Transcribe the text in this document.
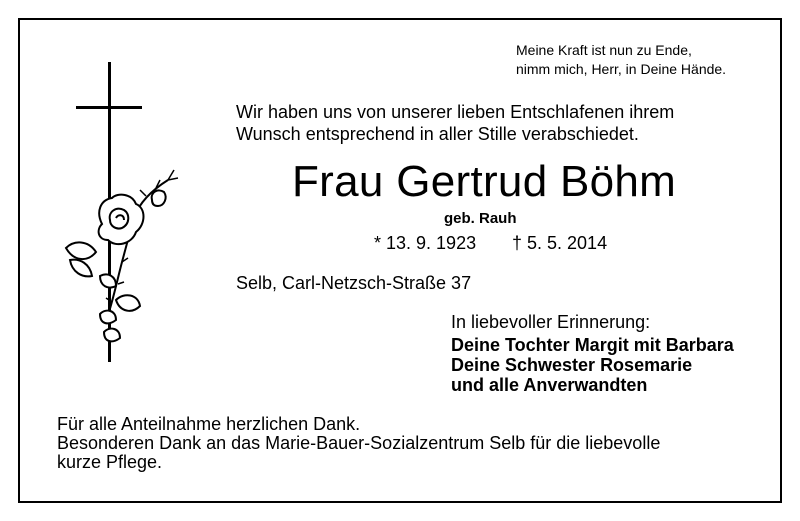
Meine Kraft ist nun zu Ende,
nimm mich, Herr, in Deine Hände.
Wir haben uns von unserer lieben Entschlafenen ihrem
Wunsch entsprechend in aller Stille verabschiedet.
Frau Gertrud Böhm
geb. Rauh
* 13. 9. 1923 † 5. 5. 2014
Selb, Carl-Netzsch-Straße 37
In liebevoller Erinnerung:
Deine Tochter Margit mit Barbara
Deine Schwester Rosemarie
und alle Anverwandten
Für alle Anteilnahme herzlichen Dank.
Besonderen Dank an das Marie-Bauer-Sozialzentrum Selb für die liebevolle
kurze Pflege.
